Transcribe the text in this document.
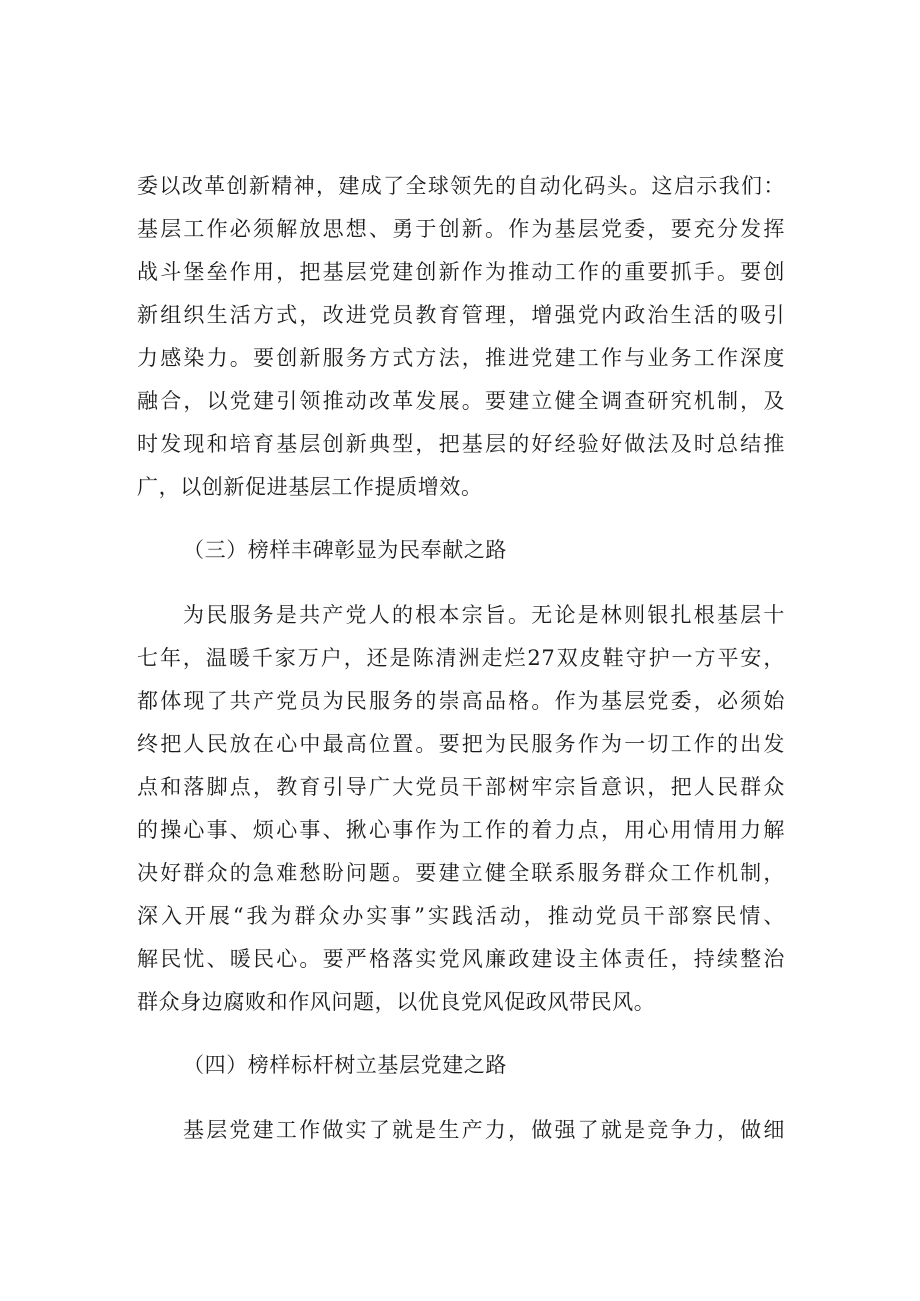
委以改革创新精神，建成了全球领先的自动化码头。这启示我们：
基层工作必须解放思想、勇于创新。作为基层党委，要充分发挥
战斗堡垒作用，把基层党建创新作为推动工作的重要抓手。要创
新组织生活方式，改进党员教育管理，增强党内政治生活的吸引
力感染力。要创新服务方式方法，推进党建工作与业务工作深度
融合，以党建引领推动改革发展。要建立健全调查研究机制，及
时发现和培育基层创新典型，把基层的好经验好做法及时总结推
广，以创新促进基层工作提质增效。
（三）榜样丰碑彰显为民奉献之路
为民服务是共产党人的根本宗旨。无论是林则银扎根基层十
七年，温暖千家万户，还是陈清洲走烂27双皮鞋守护一方平安，
都体现了共产党员为民服务的崇高品格。作为基层党委，必须始
终把人民放在心中最高位置。要把为民服务作为一切工作的出发
点和落脚点，教育引导广大党员干部树牢宗旨意识，把人民群众
的操心事、烦心事、揪心事作为工作的着力点，用心用情用力解
决好群众的急难愁盼问题。要建立健全联系服务群众工作机制，
深入开展“我为群众办实事”实践活动，推动党员干部察民情、
解民忧、暖民心。要严格落实党风廉政建设主体责任，持续整治
群众身边腐败和作风问题，以优良党风促政风带民风。
（四）榜样标杆树立基层党建之路
基层党建工作做实了就是生产力，做强了就是竞争力，做细
